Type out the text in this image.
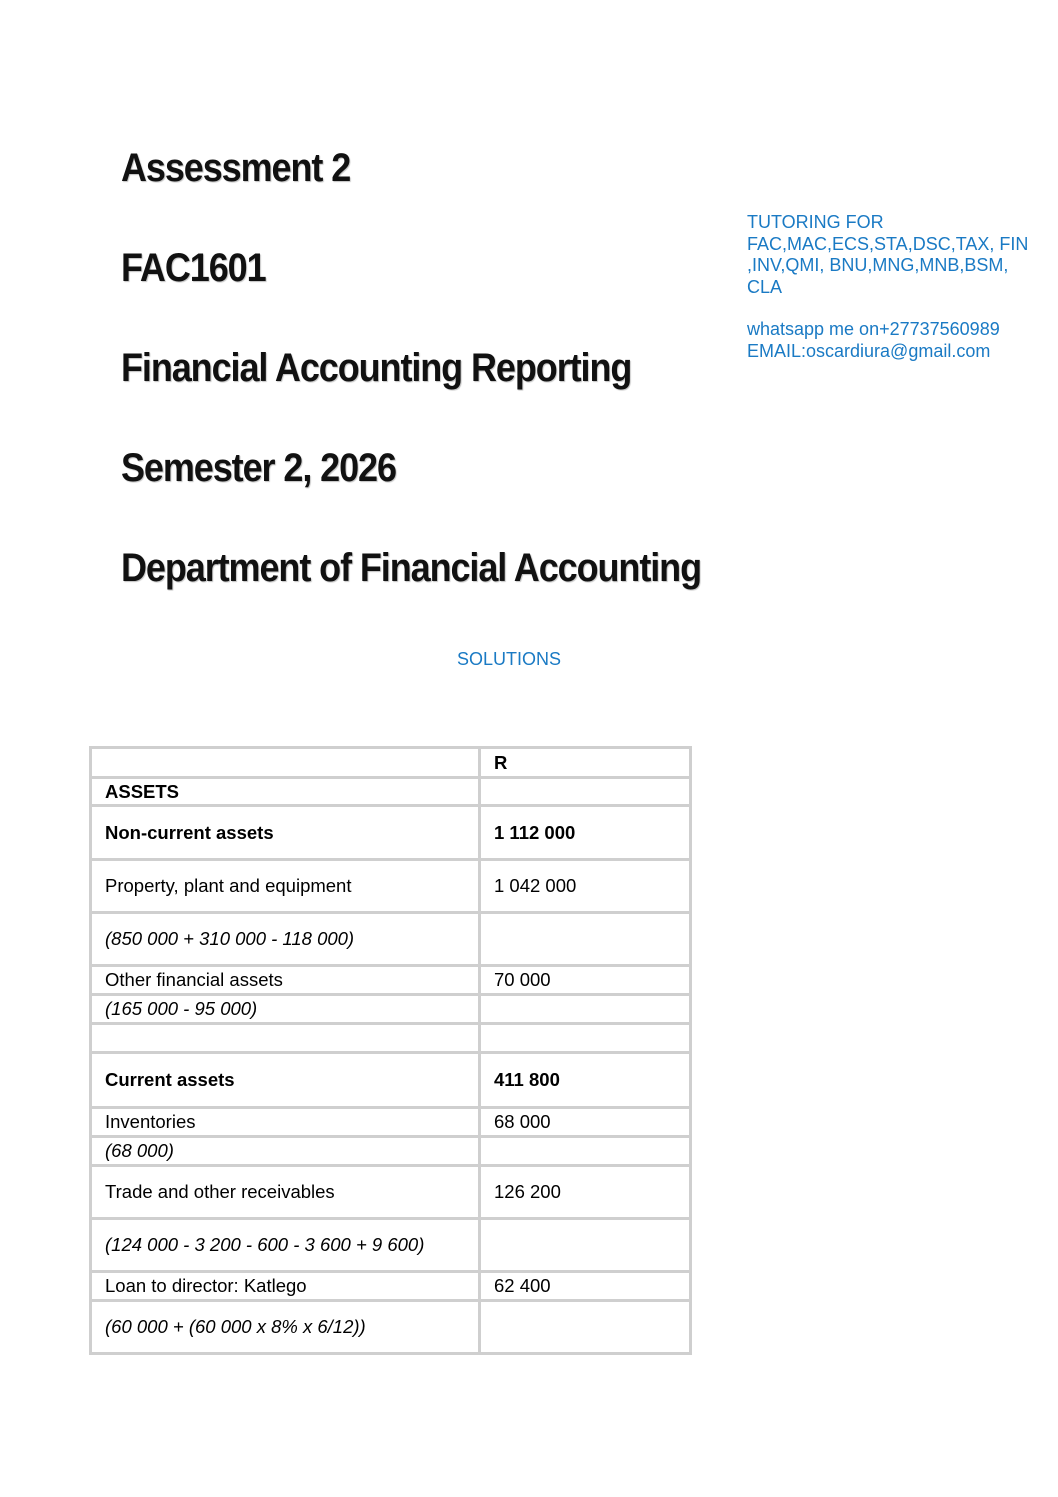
Assessment 2
FAC1601
Financial Accounting Reporting
Semester 2, 2026
Department of Financial Accounting

TUTORING FOR

FAC,MAC,ECS,STA,DSC,TAX, FIN

,INV,QMI, BNU,MNG,MNB,BSM,

CLA

whatsapp me on+27737560989

EMAIL:oscardiura@gmail.com

SOLUTIONS
	R
ASSETS	
Non-current assets	1 112 000
Property, plant and equipment	1 042 000
(850 000 + 310 000 - 118 000)	
Other financial assets	70 000
(165 000 - 95 000)	

Current assets	411 800
Inventories	68 000
(68 000)	
Trade and other receivables	126 200
(124 000 - 3 200 - 600 - 3 600 + 9 600)	
Loan to director: Katlego	62 400
(60 000 + (60 000 x 8% x 6/12))	
